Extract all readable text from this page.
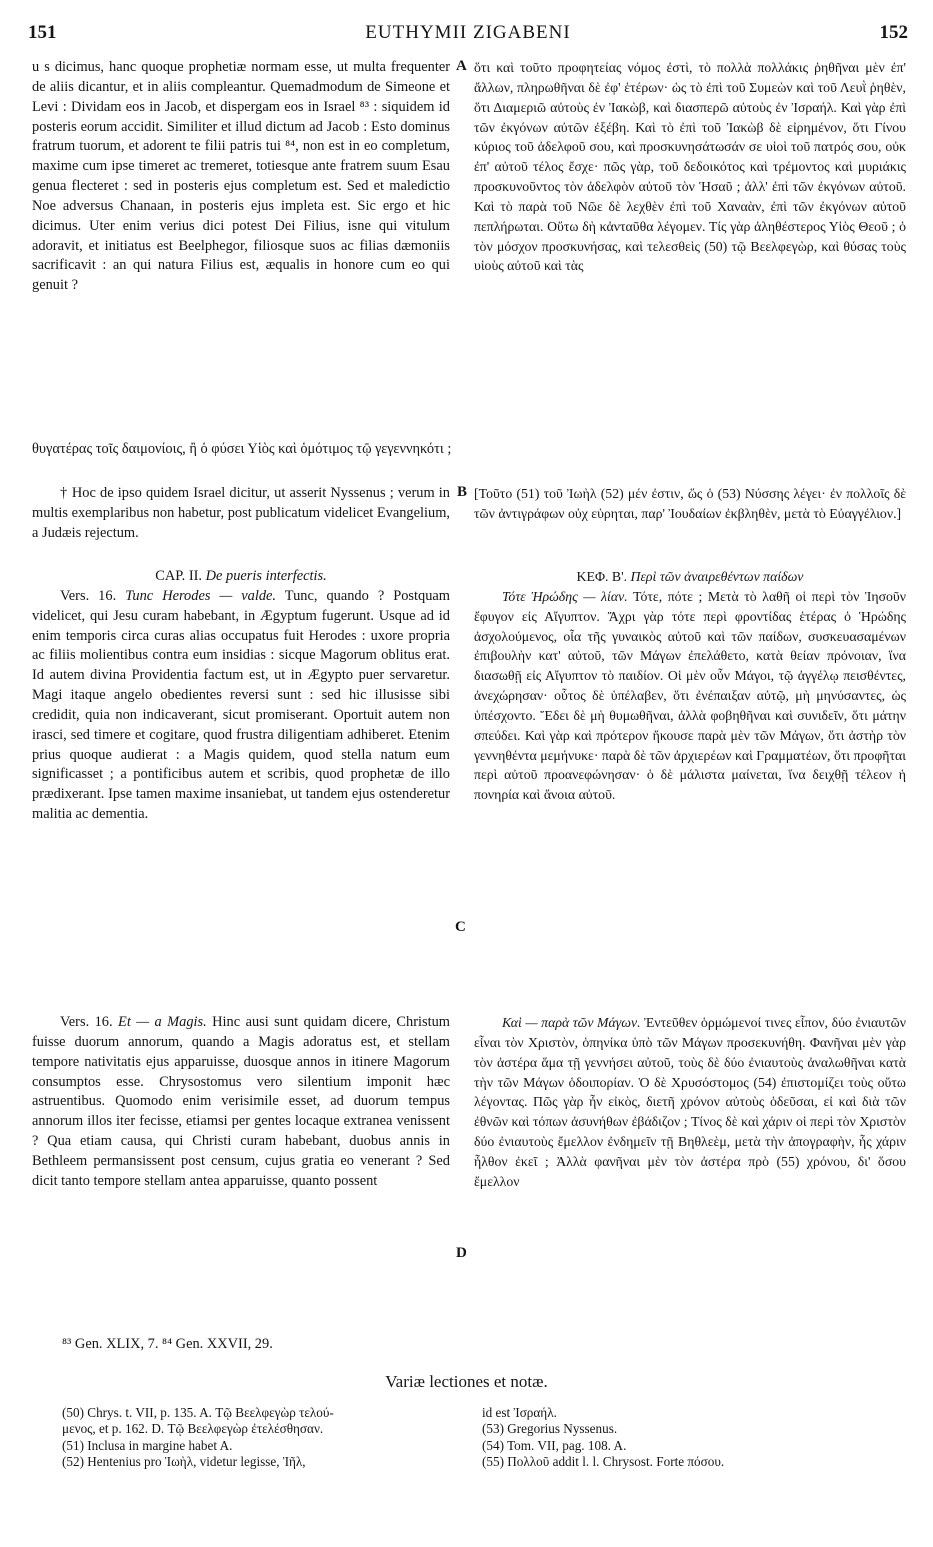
151	EUTHYMII ZIGABENI	152
A
B
C
D

u s dicimus, hanc quoque prophetiæ normam esse, ut multa frequenter de aliis dicantur, et in aliis compleantur. Quemadmodum de Simeone et Levi : Dividam eos in Jacob, et dispergam eos in Israel ⁸³ : siquidem id posteris eorum accidit. Similiter et illud dictum ad Jacob : Esto dominus fratrum tuorum, et adorent te filii patris tui ⁸⁴, non est in eo completum, maxime cum ipse timeret ac tremeret, totiesque ante fratrem suum Esau genua flecteret : sed in posteris ejus completum est. Sed et maledictio Noe adversus Chanaan, in posteris ejus impleta est. Sic ergo et hic dicimus. Uter enim verius dici potest Dei Filius, isne qui vitulum adoravit, et initiatus est Beelphegor, filiosque suos ac filias dæmoniis sacrificavit : an qui natura Filius est, æqualis in honore cum eo qui genuit ?

ὅτι καὶ τοῦτο προφητείας νόμος ἐστὶ, τὸ πολλὰ πολλάκις ῥηθῆναι μὲν ἐπ' ἄλλων, πληρωθῆναι δὲ ἐφ' ἑτέρων· ὡς τὸ ἐπὶ τοῦ Συμεὼν καὶ τοῦ Λευῒ ῥηθὲν, ὅτι Διαμεριῶ αὐτοὺς ἐν Ἰακὼβ, καὶ διασπερῶ αὐτοὺς ἐν Ἰσραήλ. Καὶ γὰρ ἐπὶ τῶν ἐκγόνων αὐτῶν ἐξέβη. Καὶ τὸ ἐπὶ τοῦ Ἰακὼβ δὲ εἰρημένον, ὅτι Γίνου κύριος τοῦ ἀδελφοῦ σου, καὶ προσκυνησάτωσάν σε υἱοὶ τοῦ πατρός σου, οὐκ ἐπ' αὐτοῦ τέλος ἔσχε· πῶς γὰρ, τοῦ δεδοικότος καὶ τρέμοντος καὶ μυριάκις προσκυνοῦντος τὸν ἀδελφὸν αὐτοῦ τὸν Ἡσαῦ ; ἀλλ' ἐπὶ τῶν ἐκγόνων αὐτοῦ. Καὶ τὸ παρὰ τοῦ Νῶε δὲ λεχθὲν ἐπὶ τοῦ Χαναὰν, ἐπὶ τῶν ἐκγόνων αὐτοῦ πεπλήρωται. Οὕτω δὴ κἀνταῦθα λέγομεν. Τίς γὰρ ἀληθέστερος Υἱὸς Θεοῦ ; ὁ τὸν μόσχον προσκυνήσας, καὶ τελεσθεὶς (50) τῷ Βεελφεγὼρ, καὶ θύσας τοὺς υἱοὺς αὐτοῦ καὶ τὰς

θυγατέρας τοῖς δαιμονίοις, ἢ ὁ φύσει Υἱὸς καὶ ὁμότιμος τῷ γεγεννηκότι ;

† Hoc de ipso quidem Israel dicitur, ut asserit Nyssenus ; verum in multis exemplaribus non habetur, post publicatum videlicet Evangelium, a Judæis rejectum.

[Τοῦτο (51) τοῦ Ἰωὴλ (52) μέν ἐστιν, ὥς ὁ (53) Νύσσης λέγει· ἐν πολλοῖς δὲ τῶν ἀντιγράφων οὐχ εὑρηται, παρ' Ἰουδαίων ἐκβληθὲν, μετὰ τὸ Εὐαγγέλιον.]

CAP. II. De pueris interfectis.

Vers. 16. Tunc Herodes — valde. Tunc, quando ? Postquam videlicet, qui Jesu curam habebant, in Ægyptum fugerunt. Usque ad id enim temporis circa curas alias occupatus fuit Herodes : uxore propria ac filiis molientibus contra eum insidias : sicque Magorum oblitus erat. Id autem divina Providentia factum est, ut in Ægypto puer servaretur. Magi itaque angelo obedientes reversi sunt : sed hic illusisse sibi credidit, quia non indicaverant, sicut promiserant. Oportuit autem non irasci, sed timere et cogitare, quod frustra diligentiam adhiberet. Etenim prius quoque audierat : a Magis quidem, quod stella natum eum significasset ; a pontificibus autem et scribis, quod prophetæ de illo prædixerant. Ipse tamen maxime insaniebat, ut tandem ejus ostenderetur malitia ac dementia.

ΚΕΦ. Β'. Περὶ τῶν ἀναιρεθέντων παίδων

Τότε Ἡρώδης — λίαν. Τότε, πότε ; Μετὰ τὸ λαθῆ οἱ περὶ τὸν Ἰησοῦν ἔφυγον εἰς Αἴγυπτον. Ἄχρι γὰρ τότε περὶ φροντίδας ἑτέρας ὁ Ἡρώδης ἀσχολούμενος, οἷα τῆς γυναικὸς αὐτοῦ καὶ τῶν παίδων, συσκευασαμένων ἐπιβουλὴν κατ' αὐτοῦ, τῶν Μάγων ἐπελάθετο, κατὰ θείαν πρόνοιαν, ἵνα διασωθῇ εἰς Αἴγυπτον τὸ παιδίον. Οἱ μὲν οὖν Μάγοι, τῷ ἀγγέλῳ πεισθέντες, ἀνεχώρησαν· οὗτος δὲ ὑπέλαβεν, ὅτι ἐνέπαιξαν αὐτῷ, μὴ μηνύσαντες, ὡς ὑπέσχοντο. Ἔδει δὲ μὴ θυμωθῆναι, ἀλλὰ φοβηθῆναι καὶ συνιδεῖν, ὅτι μάτην σπεύδει. Καὶ γὰρ καὶ πρότερον ἤκουσε παρὰ μὲν τῶν Μάγων, ὅτι ἀστὴρ τὸν γεννηθέντα μεμήνυκε· παρὰ δὲ τῶν ἀρχιερέων καὶ Γραμματέων, ὅτι προφῆται περὶ αὐτοῦ προανεφώνησαν· ὁ δὲ μάλιστα μαίνεται, ἵνα δειχθῇ τέλεον ἡ πονηρία καὶ ἄνοια αὐτοῦ.

Vers. 16. Et — a Magis. Hinc ausi sunt quidam dicere, Christum fuisse duorum annorum, quando a Magis adoratus est, et stellam tempore nativitatis ejus apparuisse, duosque annos in itinere Magorum consumptos esse. Chrysostomus vero silentium imponit hæc astruentibus. Quomodo enim verisimile esset, ad duorum tempus annorum illos iter fecisse, etiamsi per gentes locaque extranea venissent ? Qua etiam causa, qui Christi curam habebant, duobus annis in Bethleem permansissent post censum, cujus gratia eo venerant ? Sed dicit tanto tempore stellam antea apparuisse, quanto possent

Καὶ — παρὰ τῶν Μάγων. Ἐντεῦθεν ὁρμώμενοί τινες εἶπον, δύο ἐνιαυτῶν εἶναι τὸν Χριστὸν, ὁπηνίκα ὑπὸ τῶν Μάγων προσεκυνήθη. Φανῆναι μὲν γὰρ τὸν ἀστέρα ἅμα τῇ γεννήσει αὐτοῦ, τοὺς δὲ δύο ἐνιαυτοὺς ἀναλωθῆναι κατὰ τὴν τῶν Μάγων ὁδοιπορίαν. Ὁ δὲ Χρυσόστομος (54) ἐπιστομίζει τοὺς οὕτω λέγοντας. Πῶς γὰρ ἦν εἰκὸς, διετῆ χρόνον αὐτοὺς ὁδεῦσαι, εἰ καὶ διὰ τῶν ἐθνῶν καὶ τόπων ἀσυνήθων ἐβάδιζον ; Τίνος δὲ καὶ χάριν οἱ περὶ τὸν Χριστὸν δύο ἐνιαυτοὺς ἔμελλον ἐνδημεῖν τῇ Βηθλεὲμ, μετὰ τὴν ἀπογραφὴν, ἧς χάριν ἦλθον ἐκεῖ ; Ἀλλὰ φανῆναι μὲν τὸν ἀστέρα πρὸ (55) χρόνου, δι' ὅσου ἔμελλον

⁸³ Gen. XLIX, 7. ⁸⁴ Gen. XXVII, 29.
Variæ lectiones et notæ.

(50) Chrys. t. VII, p. 135. A. Τῷ Βεελφεγὼρ τελού-

μενος, et p. 162. D. Τῷ Βεελφεγὼρ ἐτελέσθησαν.

(51) Inclusa in margine habet A.

(52) Hentenius pro Ἰωὴλ, videtur legisse, Ἰῆλ,

id est Ἰσραήλ.

(53) Gregorius Nyssenus.

(54) Tom. VII, pag. 108. A.

(55) Πολλοῦ addit l. l. Chrysost. Forte πόσου.
